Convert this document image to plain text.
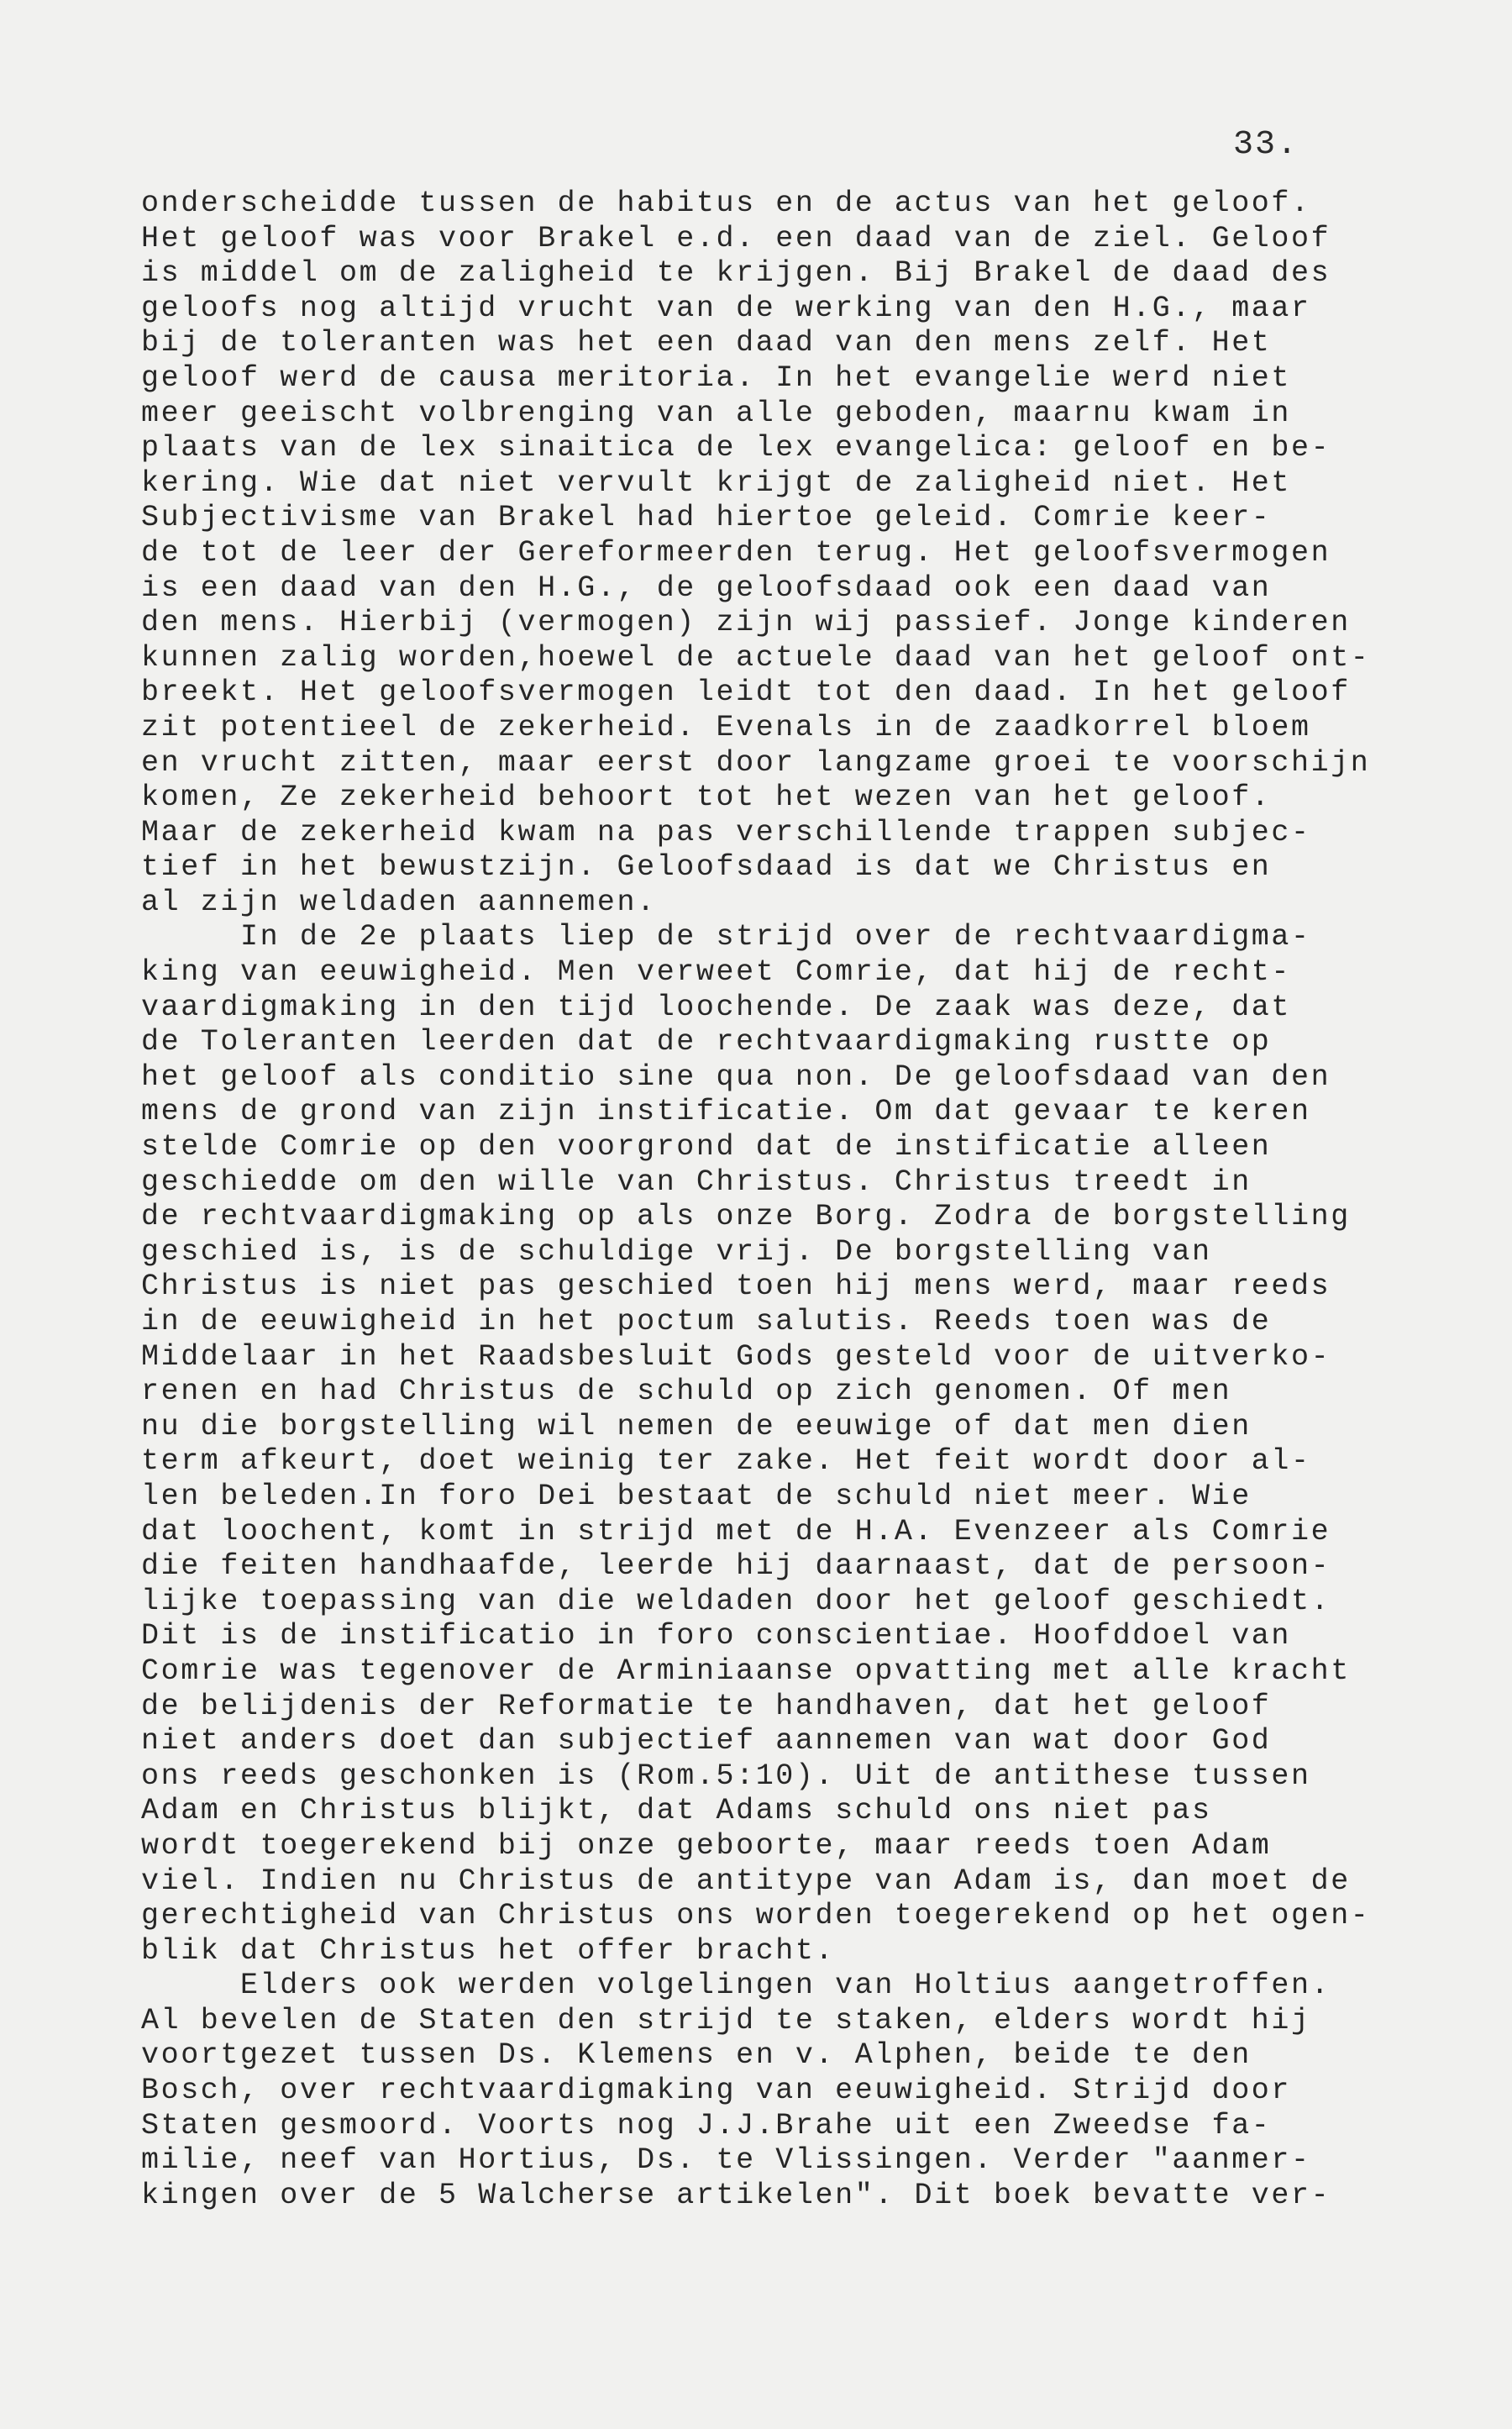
33.
onderscheidde tussen de habitus en de actus van het geloof.
Het geloof was voor Brakel e.d. een daad van de ziel. Geloof
is middel om de zaligheid te krijgen. Bij Brakel de daad des
geloofs nog altijd vrucht van de werking van den H.G., maar
bij de toleranten was het een daad van den mens zelf. Het
geloof werd de causa meritoria. In het evangelie werd niet
meer geeischt volbrenging van alle geboden, maarnu kwam in
plaats van de lex sinaitica de lex evangelica: geloof en be-
kering. Wie dat niet vervult krijgt de zaligheid niet. Het
Subjectivisme van Brakel had hiertoe geleid. Comrie keer-
de tot de leer der Gereformeerden terug. Het geloofsvermogen
is een daad van den H.G., de geloofsdaad ook een daad van
den mens. Hierbij (vermogen) zijn wij passief. Jonge kinderen
kunnen zalig worden,hoewel de actuele daad van het geloof ont-
breekt. Het geloofsvermogen leidt tot den daad. In het geloof
zit potentieel de zekerheid. Evenals in de zaadkorrel bloem
en vrucht zitten, maar eerst door langzame groei te voorschijn
komen, Ze zekerheid behoort tot het wezen van het geloof.
Maar de zekerheid kwam na pas verschillende trappen subjec-
tief in het bewustzijn. Geloofsdaad is dat we Christus en
al zijn weldaden aannemen.
In de 2e plaats liep de strijd over de rechtvaardigma-
king van eeuwigheid. Men verweet Comrie, dat hij de recht-
vaardigmaking in den tijd loochende. De zaak was deze, dat
de Toleranten leerden dat de rechtvaardigmaking rustte op
het geloof als conditio sine qua non. De geloofsdaad van den
mens de grond van zijn instificatie. Om dat gevaar te keren
stelde Comrie op den voorgrond dat de instificatie alleen
geschiedde om den wille van Christus. Christus treedt in
de rechtvaardigmaking op als onze Borg. Zodra de borgstelling
geschied is, is de schuldige vrij. De borgstelling van
Christus is niet pas geschied toen hij mens werd, maar reeds
in de eeuwigheid in het poctum salutis. Reeds toen was de
Middelaar in het Raadsbesluit Gods gesteld voor de uitverko-
renen en had Christus de schuld op zich genomen. Of men
nu die borgstelling wil nemen de eeuwige of dat men dien
term afkeurt, doet weinig ter zake. Het feit wordt door al-
len beleden.In foro Dei bestaat de schuld niet meer. Wie
dat loochent, komt in strijd met de H.A. Evenzeer als Comrie
die feiten handhaafde, leerde hij daarnaast, dat de persoon-
lijke toepassing van die weldaden door het geloof geschiedt.
Dit is de instificatio in foro conscientiae. Hoofddoel van
Comrie was tegenover de Arminiaanse opvatting met alle kracht
de belijdenis der Reformatie te handhaven, dat het geloof
niet anders doet dan subjectief aannemen van wat door God
ons reeds geschonken is (Rom.5:10). Uit de antithese tussen
Adam en Christus blijkt, dat Adams schuld ons niet pas
wordt toegerekend bij onze geboorte, maar reeds toen Adam
viel. Indien nu Christus de antitype van Adam is, dan moet de
gerechtigheid van Christus ons worden toegerekend op het ogen-
blik dat Christus het offer bracht.
Elders ook werden volgelingen van Holtius aangetroffen.
Al bevelen de Staten den strijd te staken, elders wordt hij
voortgezet tussen Ds. Klemens en v. Alphen, beide te den
Bosch, over rechtvaardigmaking van eeuwigheid. Strijd door
Staten gesmoord. Voorts nog J.J.Brahe uit een Zweedse fa-
milie, neef van Hortius, Ds. te Vlissingen. Verder "aanmer-
kingen over de 5 Walcherse artikelen". Dit boek bevatte ver-
